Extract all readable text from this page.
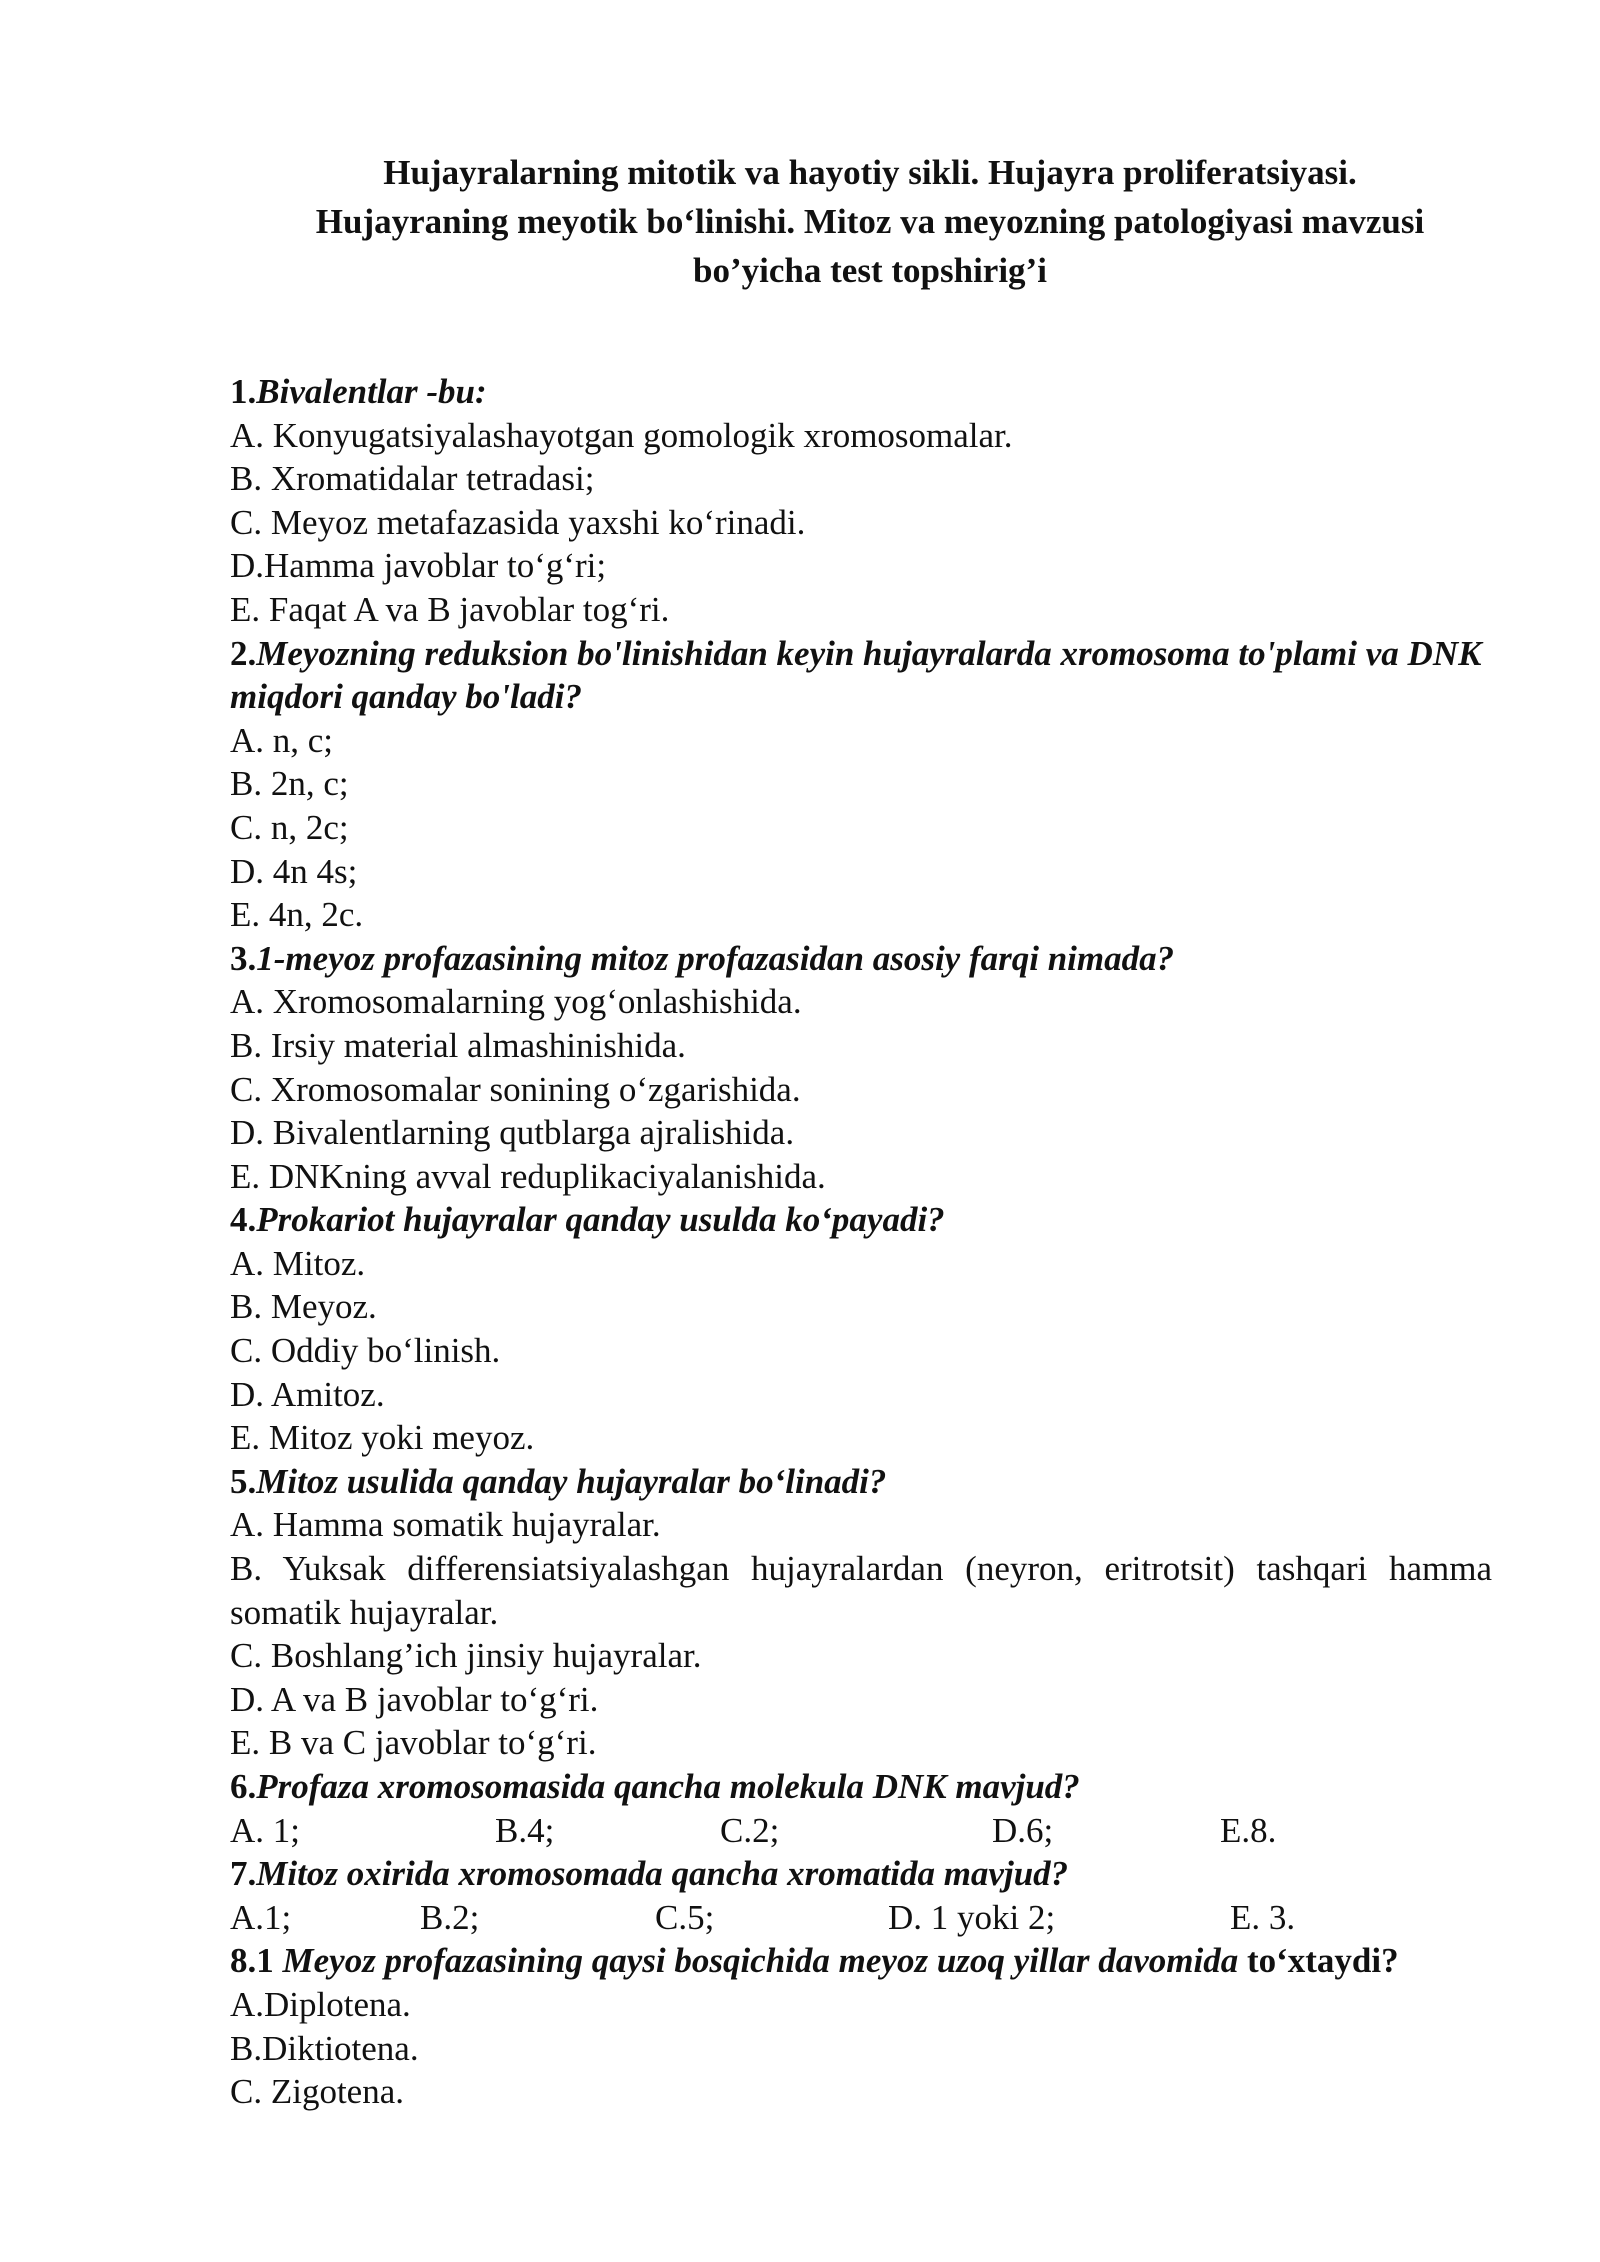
Hujayralarning mitotik va hayotiy sikli. Hujayra proliferatsiyasi.
Hujayraning meyotik bo‘linishi. Mitoz va meyozning patologiyasi mavzusi
bo’yicha test topshirig’i
1.Bivalentlar -bu:
A. Konyugatsiyalashayotgan gomologik xromosomalar.
B. Xromatidalar tetradasi;
C. Meyoz metafazasida yaxshi ko‘rinadi.
D.Hamma javoblar to‘g‘ri;
E. Faqat A va B javoblar tog‘ri.
2.Meyozning reduksion bo'linishidan keyin hujayralarda xromosoma to'plami va DNK miqdori qanday bo'ladi?
A. n, c;
B. 2n, c;
C. n, 2c;
D. 4n 4s;
E. 4n, 2c.
3.1-meyoz profazasining mitoz profazasidan asosiy farqi nimada?
A. Xromosomalarning yog‘onlashishida.
B. Irsiy material almashinishida.
C. Xromosomalar sonining o‘zgarishida.
D. Bivalentlarning qutblarga ajralishida.
E. DNKning avval reduplikaciyalanishida.
4.Prokariot hujayralar qanday usulda ko‘payadi?
A. Mitoz.
B. Meyoz.
C. Oddiy bo‘linish.
D. Amitoz.
E. Mitoz yoki meyoz.
5.Mitoz usulida qanday hujayralar bo‘linadi?
A. Hamma somatik hujayralar.
B. Yuksak differensiatsiyalashgan hujayralardan (neyron, eritrotsit) tashqari hamma somatik hujayralar.
C. Boshlang’ich jinsiy hujayralar.
D. A va B javoblar to‘g‘ri.
E. B va C javoblar to‘g‘ri.
6.Profaza xromosomasida qancha molekula DNK mavjud?
A. 1;	B.4;	C.2;	D.6;	E.8.
7.Mitoz oxirida xromosomada qancha xromatida mavjud?
A.1;	B.2;	C.5;	D. 1 yoki 2;	E. 3.
8.1 Meyoz profazasining qaysi bosqichida meyoz uzoq yillar davomida to‘xtaydi?
A.Diplotena.
B.Diktiotena.
C. Zigotena.
